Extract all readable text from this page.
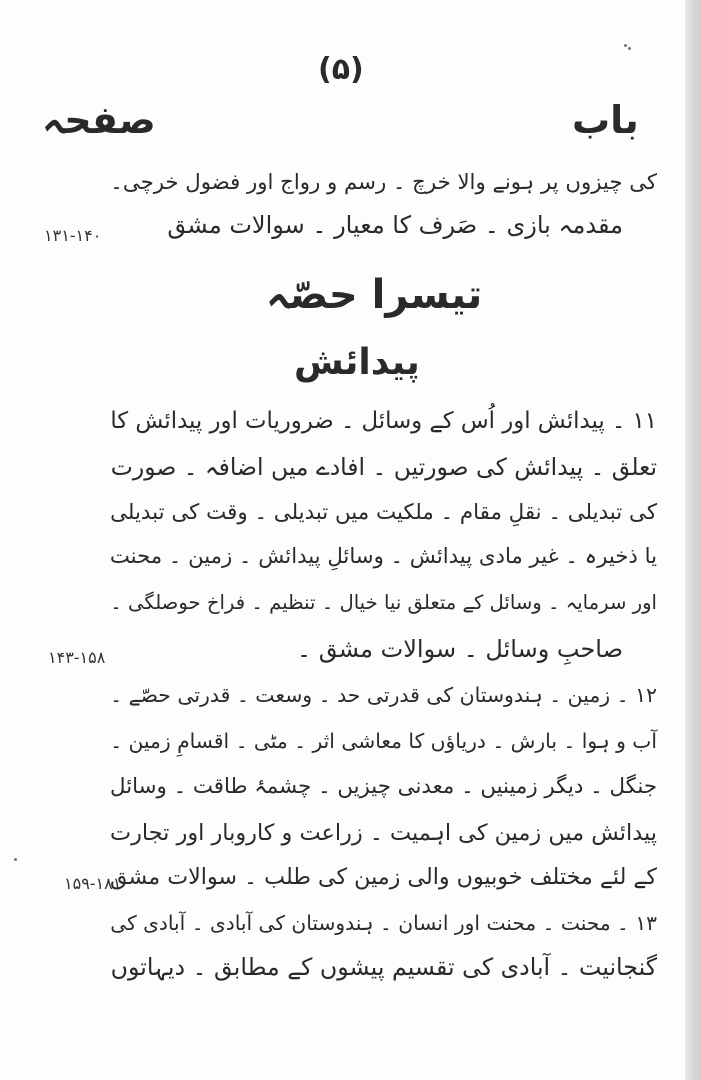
(۵)
باب
صفحہ
کی چیزوں پر ہونے والا خرچ ۔ رسم و رواج اور فضول خرچی۔
مقدمہ بازی ۔ صَرف کا معیار ۔ سوالات مشق
۱۳۱-۱۴۰
تیسرا حصّہ
پیدائش
۱۱ ۔ پیدائش اور اُس کے وسائل ۔ ضروریات اور پیدائش کا
تعلق ۔ پیدائش کی صورتیں ۔ افادے میں اضافہ ۔ صورت
کی تبدیلی ۔ نقلِ مقام ۔ ملکیت میں تبدیلی ۔ وقت کی تبدیلی
یا ذخیرہ ۔ غیر مادی پیدائش ۔ وسائلِ پیدائش ۔ زمین ۔ محنت
اور سرمایہ ۔ وسائل کے متعلق نیا خیال ۔ تنظیم ۔ فراخ حوصلگی ۔
صاحبِ وسائل ۔ سوالات مشق ۔
۱۴۳-۱۵۸
۱۲ ۔ زمین ۔ ہندوستان کی قدرتی حد ۔ وسعت ۔ قدرتی حصّے ۔
آب و ہوا ۔ بارش ۔ دریاؤں کا معاشی اثر ۔ مٹی ۔ اقسامِ زمین ۔
جنگل ۔ دیگر زمینیں ۔ معدنی چیزیں ۔ چشمۂ طاقت ۔ وسائل
پیدائش میں زمین کی اہمیت ۔ زراعت و کاروبار اور تجارت
کے لئے مختلف خوبیوں والی زمین کی طلب ۔ سوالات مشق
۱۵۹-۱۸۱
۱۳ ۔ محنت ۔ محنت اور انسان ۔ ہندوستان کی آبادی ۔ آبادی کی
گنجانیت ۔ آبادی کی تقسیم پیشوں کے مطابق ۔ دیہاتوں
